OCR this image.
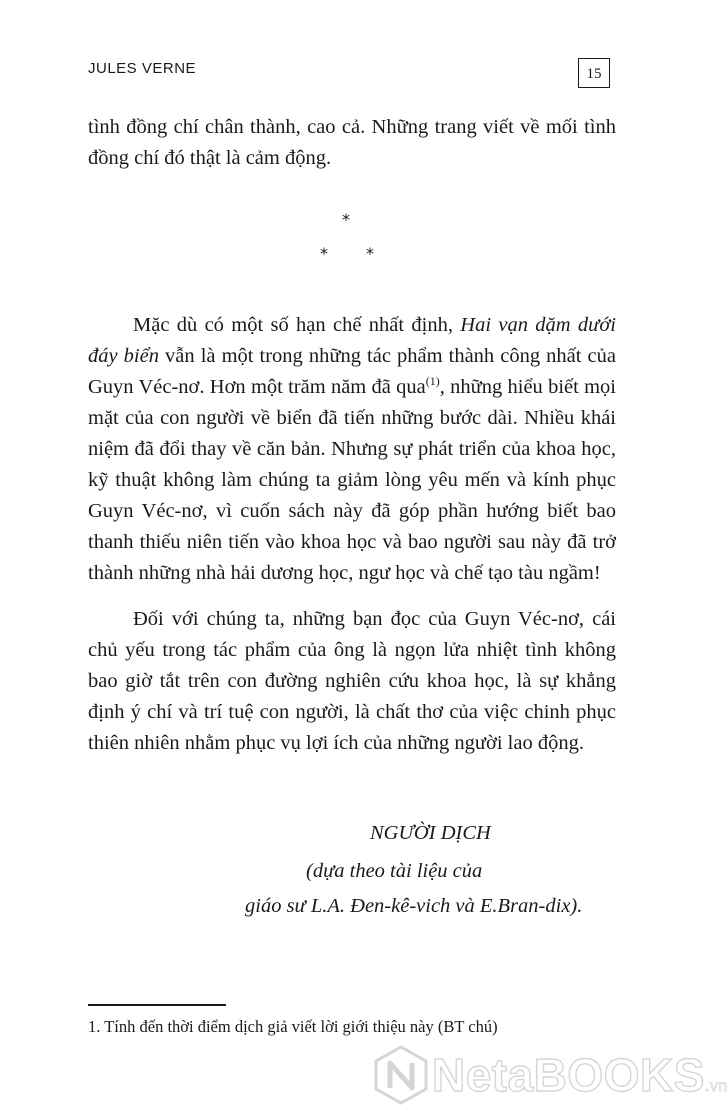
JULES VERNE	15

tình đồng chí chân thành, cao cả. Những trang viết về mối tình đồng chí đó thật là cảm động.

*
* *

Mặc dù có một số hạn chế nhất định, Hai vạn dặm dưới đáy biển vẫn là một trong những tác phẩm thành công nhất của Guyn Véc-nơ. Hơn một trăm năm đã qua$^{(1)}$, những hiểu biết mọi mặt của con người về biển đã tiến những bước dài. Nhiều khái niệm đã đổi thay về căn bản. Nhưng sự phát triển của khoa học, kỹ thuật không làm chúng ta giảm lòng yêu mến và kính phục Guyn Véc-nơ, vì cuốn sách này đã góp phần hướng biết bao thanh thiếu niên tiến vào khoa học và bao người sau này đã trở thành những nhà hải dương học, ngư học và chế tạo tàu ngầm!

Đối với chúng ta, những bạn đọc của Guyn Véc-nơ, cái chủ yếu trong tác phẩm của ông là ngọn lửa nhiệt tình không bao giờ tắt trên con đường nghiên cứu khoa học, là sự khẳng định ý chí và trí tuệ con người, là chất thơ của việc chinh phục thiên nhiên nhằm phục vụ lợi ích của những người lao động.

NGƯỜI DỊCH
(dựa theo tài liệu của
giáo sư L.A. Đen-kê-vich và E.Bran-dix).
1. Tính đến thời điểm dịch giả viết lời giới thiệu này (BT chú)
NetaBOOKS.vn
